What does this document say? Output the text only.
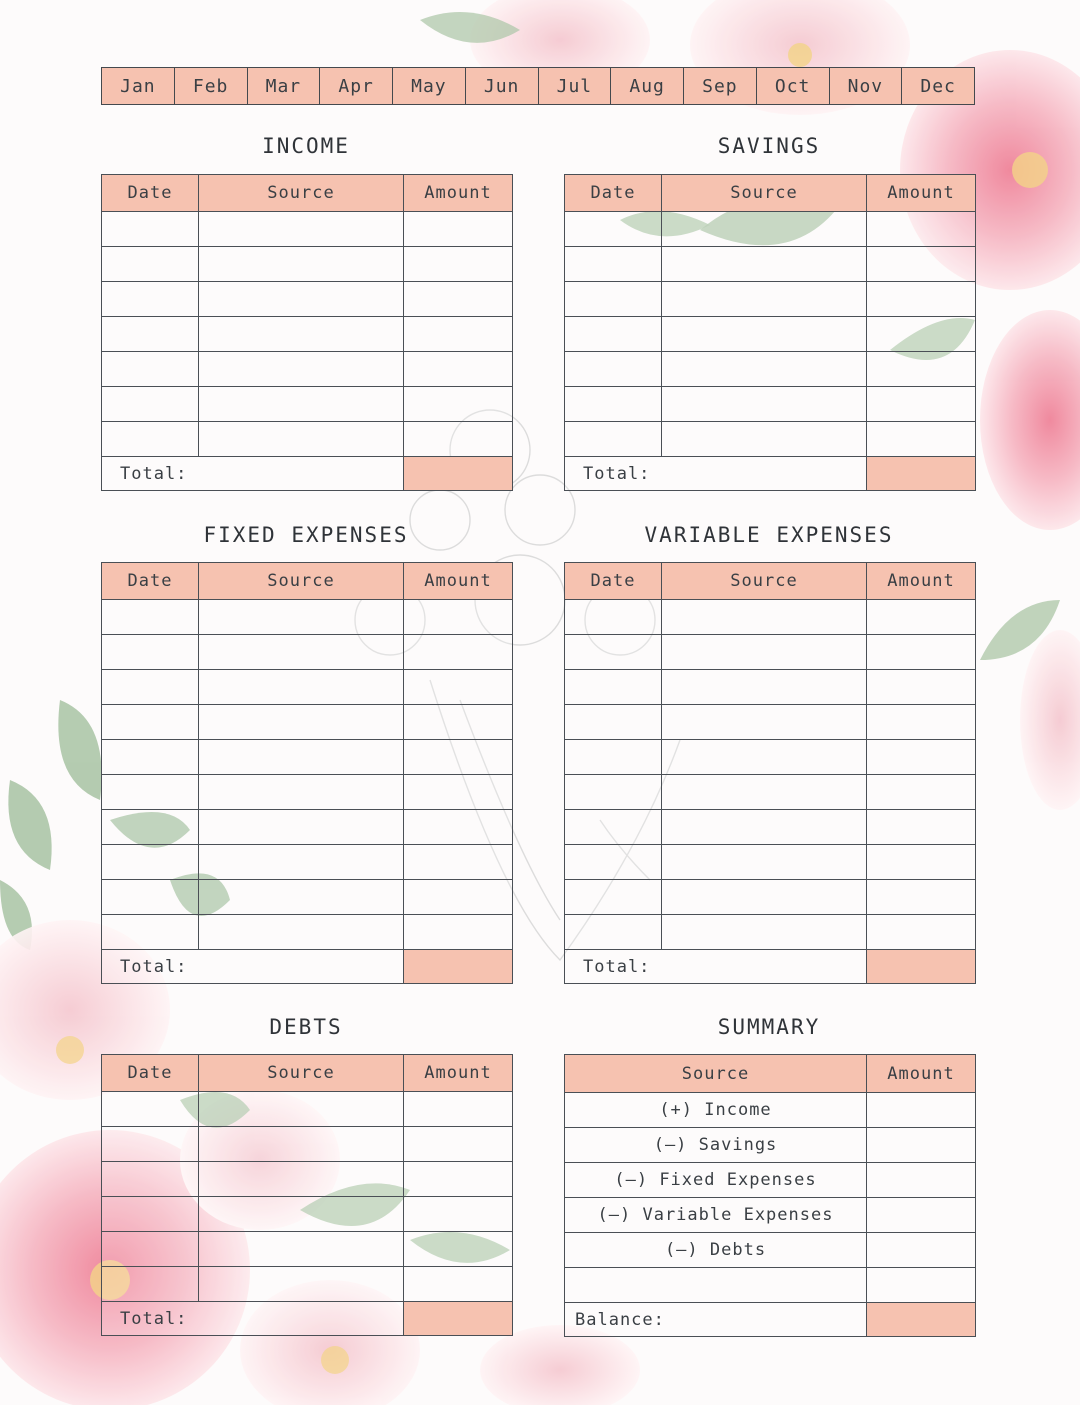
Jan	Feb	Mar	Apr	May	Jun	Jul	Aug	Sep	Oct	Nov	Dec
INCOME	SAVINGS
FIXED EXPENSES	VARIABLE EXPENSES
DEBTS	SUMMARY
Date	Source	Amount

Total:		
Date	Source	Amount

Total:		
Date	Source	Amount

Total:		
Date	Source	Amount

Total:		
Date	Source	Amount

Total:		
Source	Amount
(+) Income	
(–) Savings	
(–) Fixed Expenses	
(–) Variable Expenses	
(–) Debts	

Balance:	
